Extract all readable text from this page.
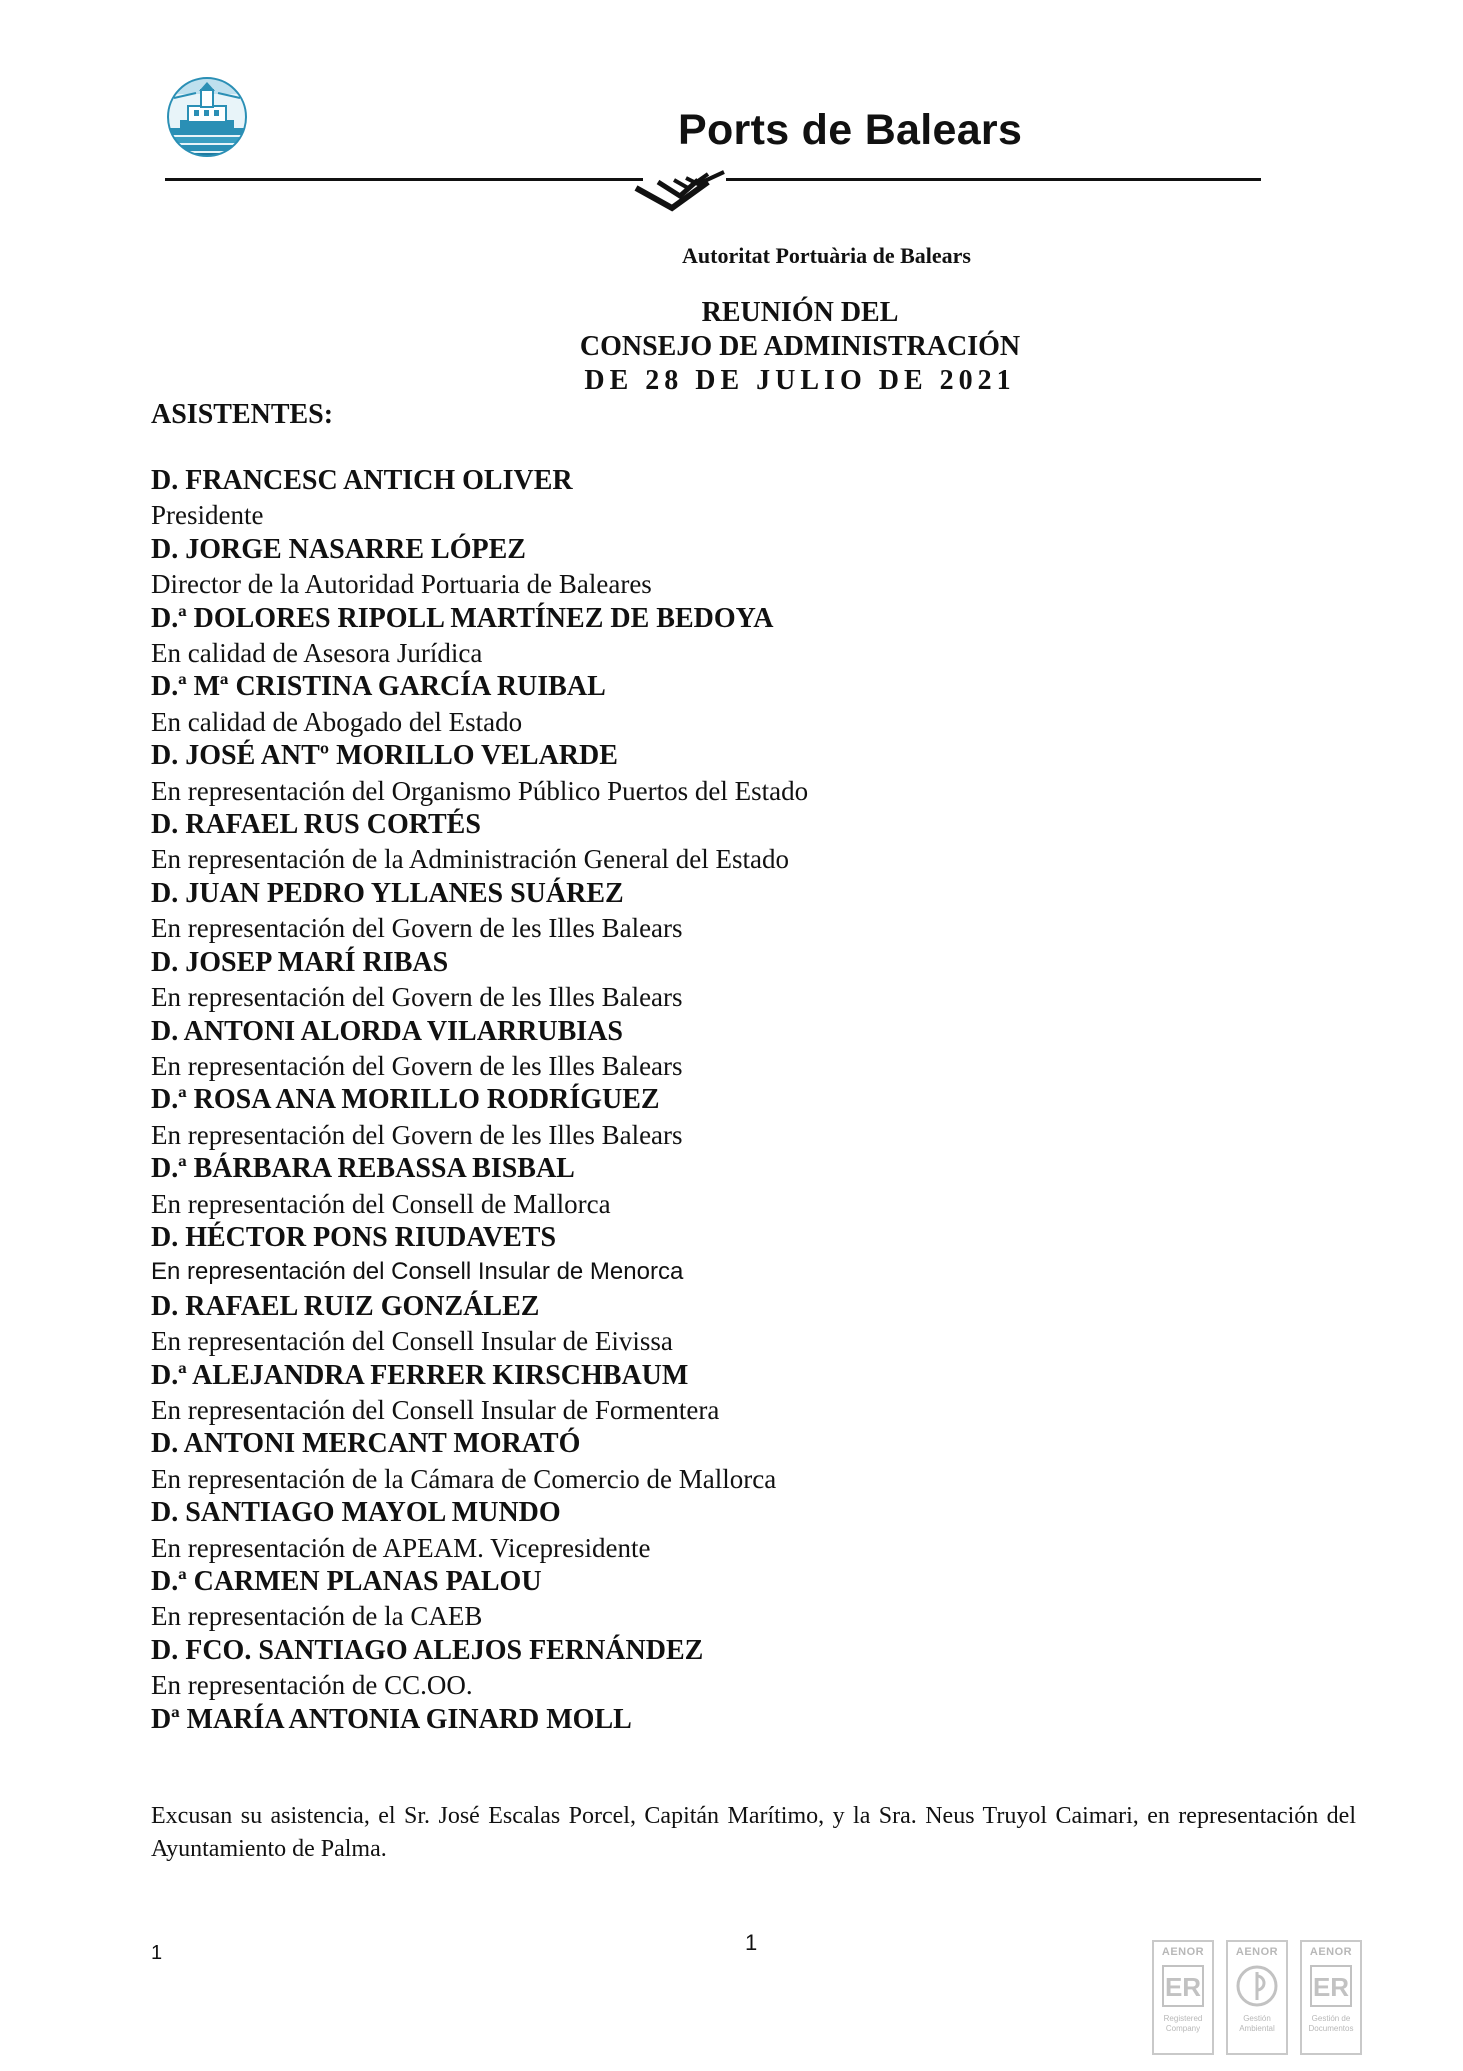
Ports de Balears
Autoritat Portuària de Balears
REUNIÓN DEL
CONSEJO DE ADMINISTRACIÓN
DE 28 DE JULIO DE 2021
ASISTENTES:
D. FRANCESC ANTICH OLIVER
Presidente
D. JORGE NASARRE LÓPEZ
Director de la Autoridad Portuaria de Baleares
D.ª DOLORES RIPOLL MARTÍNEZ DE BEDOYA
En calidad de Asesora Jurídica
D.ª Mª CRISTINA GARCÍA RUIBAL
En calidad de Abogado del Estado
D. JOSÉ ANTº MORILLO VELARDE
En representación del Organismo Público Puertos del Estado
D. RAFAEL RUS CORTÉS
En representación de la Administración General del Estado
D. JUAN PEDRO YLLANES SUÁREZ
En representación del Govern de les Illes Balears
D. JOSEP MARÍ RIBAS
En representación del Govern de les Illes Balears
D. ANTONI ALORDA VILARRUBIAS
En representación del Govern de les Illes Balears
D.ª ROSA ANA MORILLO RODRÍGUEZ
En representación del Govern de les Illes Balears
D.ª BÁRBARA REBASSA BISBAL
En representación del Consell de Mallorca
D. HÉCTOR PONS RIUDAVETS
En representación del Consell Insular de Menorca
D. RAFAEL RUIZ GONZÁLEZ
En representación del Consell Insular de Eivissa
D.ª ALEJANDRA FERRER KIRSCHBAUM
En representación del Consell Insular de Formentera
D. ANTONI MERCANT MORATÓ
En representación de la Cámara de Comercio de Mallorca
D. SANTIAGO MAYOL MUNDO
En representación de APEAM. Vicepresidente
D.ª CARMEN PLANAS PALOU
En representación de la CAEB
D. FCO. SANTIAGO ALEJOS FERNÁNDEZ
En representación de CC.OO.
Dª MARÍA ANTONIA GINARD MOLL
Excusan su asistencia, el Sr. José Escalas Porcel, Capitán Marítimo, y la Sra. Neus Truyol Caimari, en representación del Ayuntamiento de Palma.
1	1	AENOR
ER
Registered Company
AENOR
Gestión Ambiental
AENOR
ER
Gestión de Documentos
